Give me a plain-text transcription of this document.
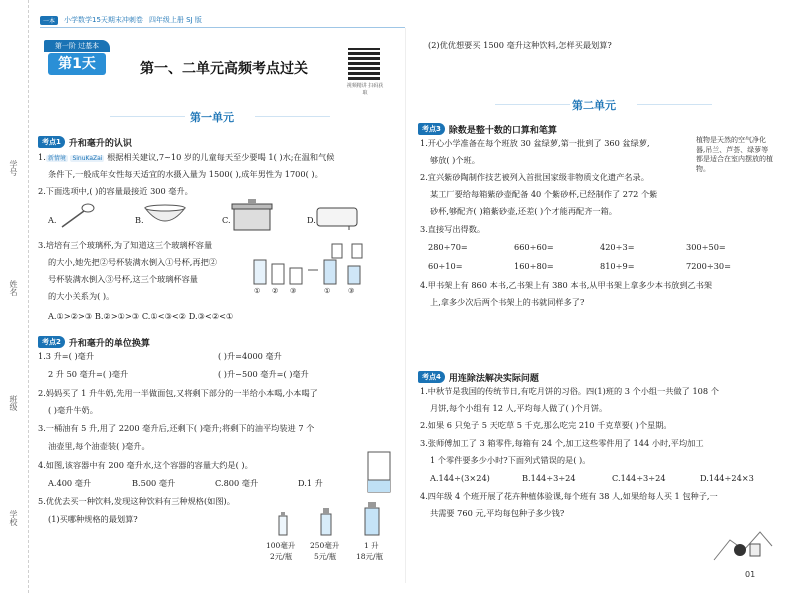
学号
姓名
班级
学校
一本	小学数学15天期末冲刺卷 四年级上册 SJ 版
第一阶 过基本
第1天	第一、二单元高频考点过关
视频精讲 扫码获取
第一单元
考点1 升和毫升的认识
1. 新情境 SinuKaZai 根据相关建议,7~10 岁的儿童每天至少要喝 1( )水;在温和气候
条件下,一般成年女性每天适宜的水摄入量为 1500( ),成年男性为 1700( )。
2.下面选项中,( )的容量最接近 300 毫升。
A.	B.	C.	D.
3.培培有三个玻璃杯,为了知道这三个玻璃杯容量
的大小,她先把②号杯装满水倒入①号杯,再把②
号杯装满水倒入③号杯,这三个玻璃杯容量
的大小关系为( )。	① ② ③	①	③
A.①>②>③ B.②>①>③ C.①<③<② D.③<②<①
考点2 升和毫升的单位换算
1.3 升=( )毫升	( )升=4000 毫升
2 升 50 毫升=( )毫升	( )升−500 毫升=( )毫升
2.妈妈买了 1 升牛奶,先用一半做面包,又将剩下部分的一半给小本喝,小本喝了
( )毫升牛奶。
3.一桶油有 5 升,用了 2200 毫升后,还剩下( )毫升;将剩下的油平均装进 7 个
油壶里,每个油壶装( )毫升。
4.如图,该容器中有 200 毫升水,这个容器的容量大约是( )。
A.400 毫升	B.500 毫升	C.800 毫升	D.1 升
5.优优去买一种饮料,发现这种饮料有三种规格(如图)。
(1)买哪种规格的最划算?
100毫升
2元/瓶
250毫升
5元/瓶
1 升
18元/瓶
(2)优优想要买 1500 毫升这种饮料,怎样买最划算?
第二单元
考点3 除数是整十数的口算和笔算
1.开心小学准备在每个班放 30 盆绿萝,第一批到了 360 盆绿萝,
够放( )个班。
2.宜兴紫砂陶制作技艺被列入首批国家级非物质文化遗产名录。
某工厂要给每箱紫砂壶配备 40 个紫砂杯,已经制作了 272 个紫
砂杯,够配齐( )箱紫砂壶,还差( )个才能再配齐一箱。
植物是天然的空气净化器,吊兰、芦荟、绿萝等都是适合在室内摆放的植物。
3.直接写出得数。
280÷70=	660÷60=	420÷3=	300÷50=
60÷10=	160÷80=	810÷9=	7200÷30=
4.甲书架上有 860 本书,乙书架上有 380 本书,从甲书架上拿多少本书放到乙书架
上,拿多少次后两个书架上的书就同样多了?
考点4 用连除法解决实际问题
1.中秋节是我国的传统节日,有吃月饼的习俗。四(1)班的 3 个小组一共做了 108 个
月饼,每个小组有 12 人,平均每人做了( )个月饼。
2.如果 6 只兔子 5 天吃草 5 千克,那么吃完 210 千克草要( )个星期。
3.张师傅加工了 3 箱零件,每箱有 24 个,加工这些零件用了 144 小时,平均加工
1 个零件要多少小时?下面列式错误的是( )。
A.144÷(3×24)	B.144÷3÷24	C.144÷3÷24	D.144÷24×3
4.四年级 4 个班开展了花卉种植体验课,每个班有 38 人,如果给每人买 1 包种子,一
共需要 760 元,平均每包种子多少钱?
01
